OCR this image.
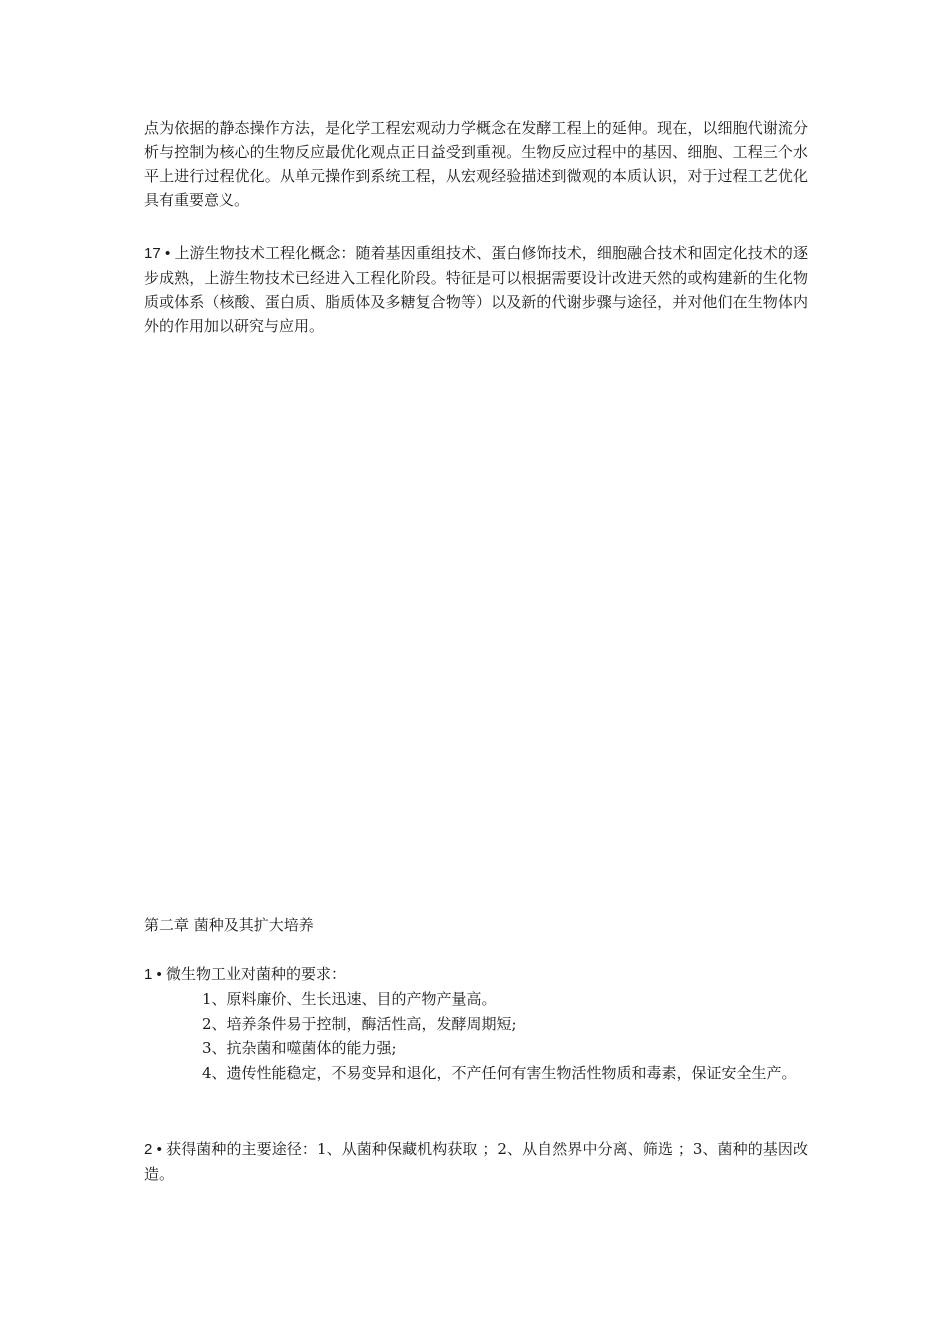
点为依据的静态操作方法，是化学工程宏观动力学概念在发酵工程上的延伸。现在，以细胞代谢流分析与控制为核心的生物反应最优化观点正日益受到重视。生物反应过程中的基因、细胞、工程三个水平上进行过程优化。从单元操作到系统工程，从宏观经验描述到微观的本质认识，对于过程工艺优化具有重要意义。

17 • 上游生物技术工程化概念：随着基因重组技术、蛋白修饰技术，细胞融合技术和固定化技术的逐步成熟，上游生物技术已经进入工程化阶段。特征是可以根据需要设计改进天然的或构建新的生化物质或体系（核酸、蛋白质、脂质体及多糖复合物等）以及新的代谢步骤与途径，并对他们在生物体内外的作用加以研究与应用。

第二章 菌种及其扩大培养

1 • 微生物工业对菌种的要求：

1、原料廉价、生长迅速、目的产物产量高。
2、培养条件易于控制，酶活性高，发酵周期短;
3、抗杂菌和噬菌体的能力强;
4、遗传性能稳定，不易变异和退化，不产任何有害生物活性物质和毒素，保证安全生产。

2 • 获得菌种的主要途径：1、从菌种保藏机构获取 ；2、从自然界中分离、筛选 ；3、菌种的基因改造。
